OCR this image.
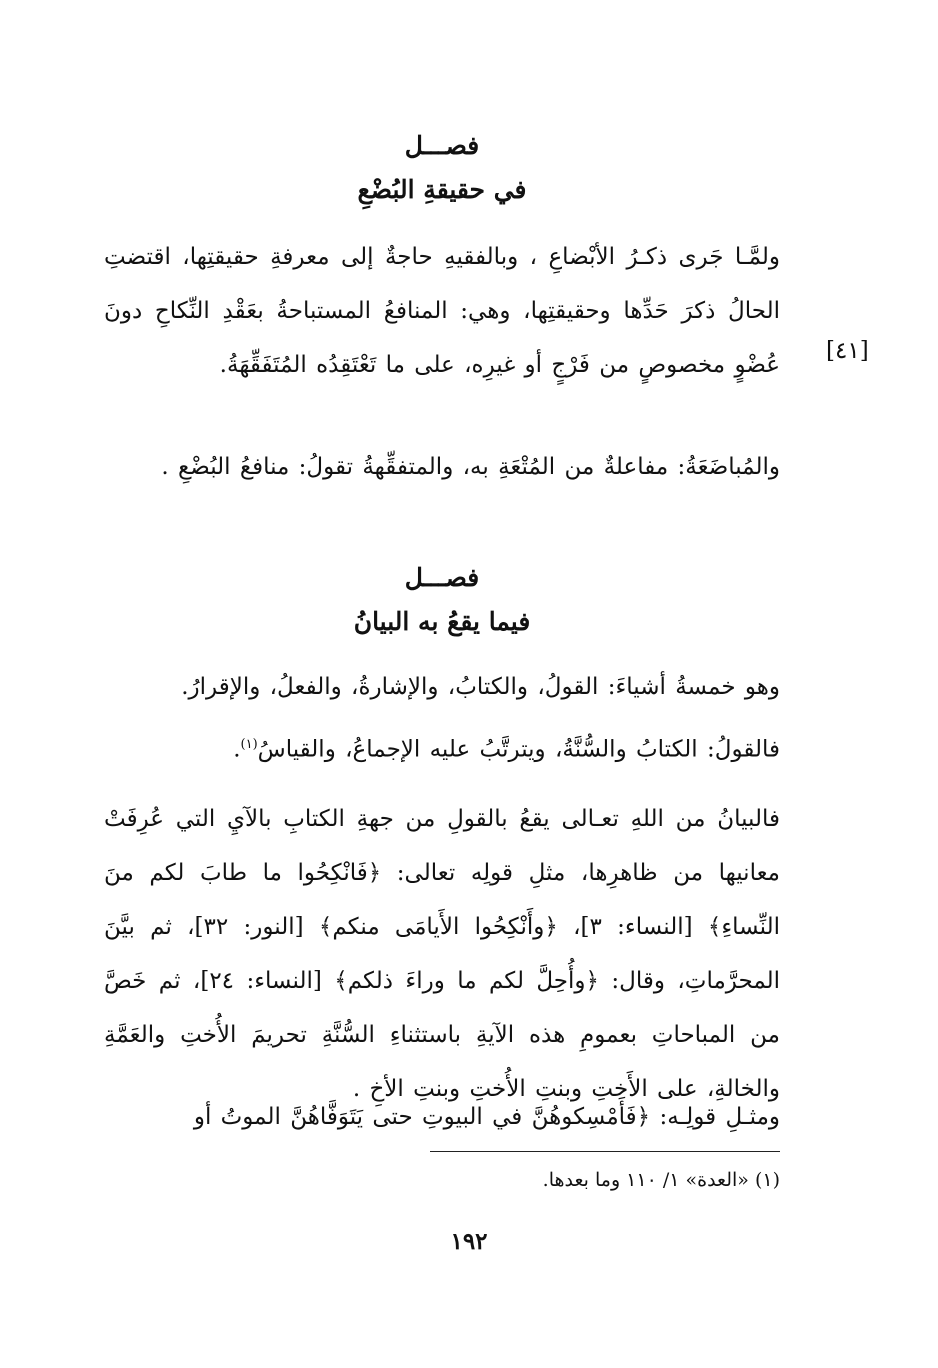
فصـــل
في حقيقةِ البُضْعِ

ولمَّـا جَرى ذكـرُ الأبْضاعِ ، وبالفقيهِ حاجةٌ إلى معرفةِ حقيقتِها، اقتضتِ الحالُ ذكرَ حَدِّها وحقيقتِها، وهي: المنافعُ المستباحةُ بعَقْدِ النِّكاحِ دونَ عُضْوٍ مخصوصٍ من فَرْجٍ أو غيرِه، على ما تَعْتَقِدُه المُتَفَقِّهَةُ.

[٤١]

والمُباضَعَةُ: مفاعلةٌ من المُتْعَةِ به، والمتفقِّهةُ تقولُ: منافعُ البُضْعِ .

فصـــل
فيما يقعُ به البيانُ

وهو خمسةُ أشياءَ: القولُ، والكتابُ، والإشارةُ، والفعلُ، والإقرارُ.

فالقولُ: الكتابُ والسُّنَّةُ، ويترتَّبُ عليه الإجماعُ، والقياسُ$^{(١)}$.

فالبيانُ من اللهِ تعـالى يقعُ بالقولِ من جهةِ الكتابِ بالآيِ التي عُرِفَتْ معانيها من ظاهرِها، مثلِ قولِه تعالى: ﴿فَانْكِحُوا ما طابَ لكم منَ النِّساءِ﴾ [النساء: ٣]، ﴿وأَنْكِحُوا الأَيامَى منكم﴾ [النور: ٣٢]، ثم بيَّنَ المحرَّماتِ، وقال: ﴿وأُحِلَّ لكم ما وراءَ ذلكم﴾ [النساء: ٢٤]، ثم خَصَّ من المباحاتِ بعمومِ هذه الآيةِ باستثناءِ السُّنَّةِ تحريمَ الأُختِ والعَمَّةِ والخالةِ، على الأَختِ وبنتِ الأُختِ وبنتِ الأخِ .

ومثـلِ قولِـه: ﴿فَأَمْسِكوهُنَّ في البيوتِ حتى يَتَوَفَّاهُنَّ الموتُ أو

(١) «العدة» ١/ ١١٠ وما بعدها.
١٩٢
